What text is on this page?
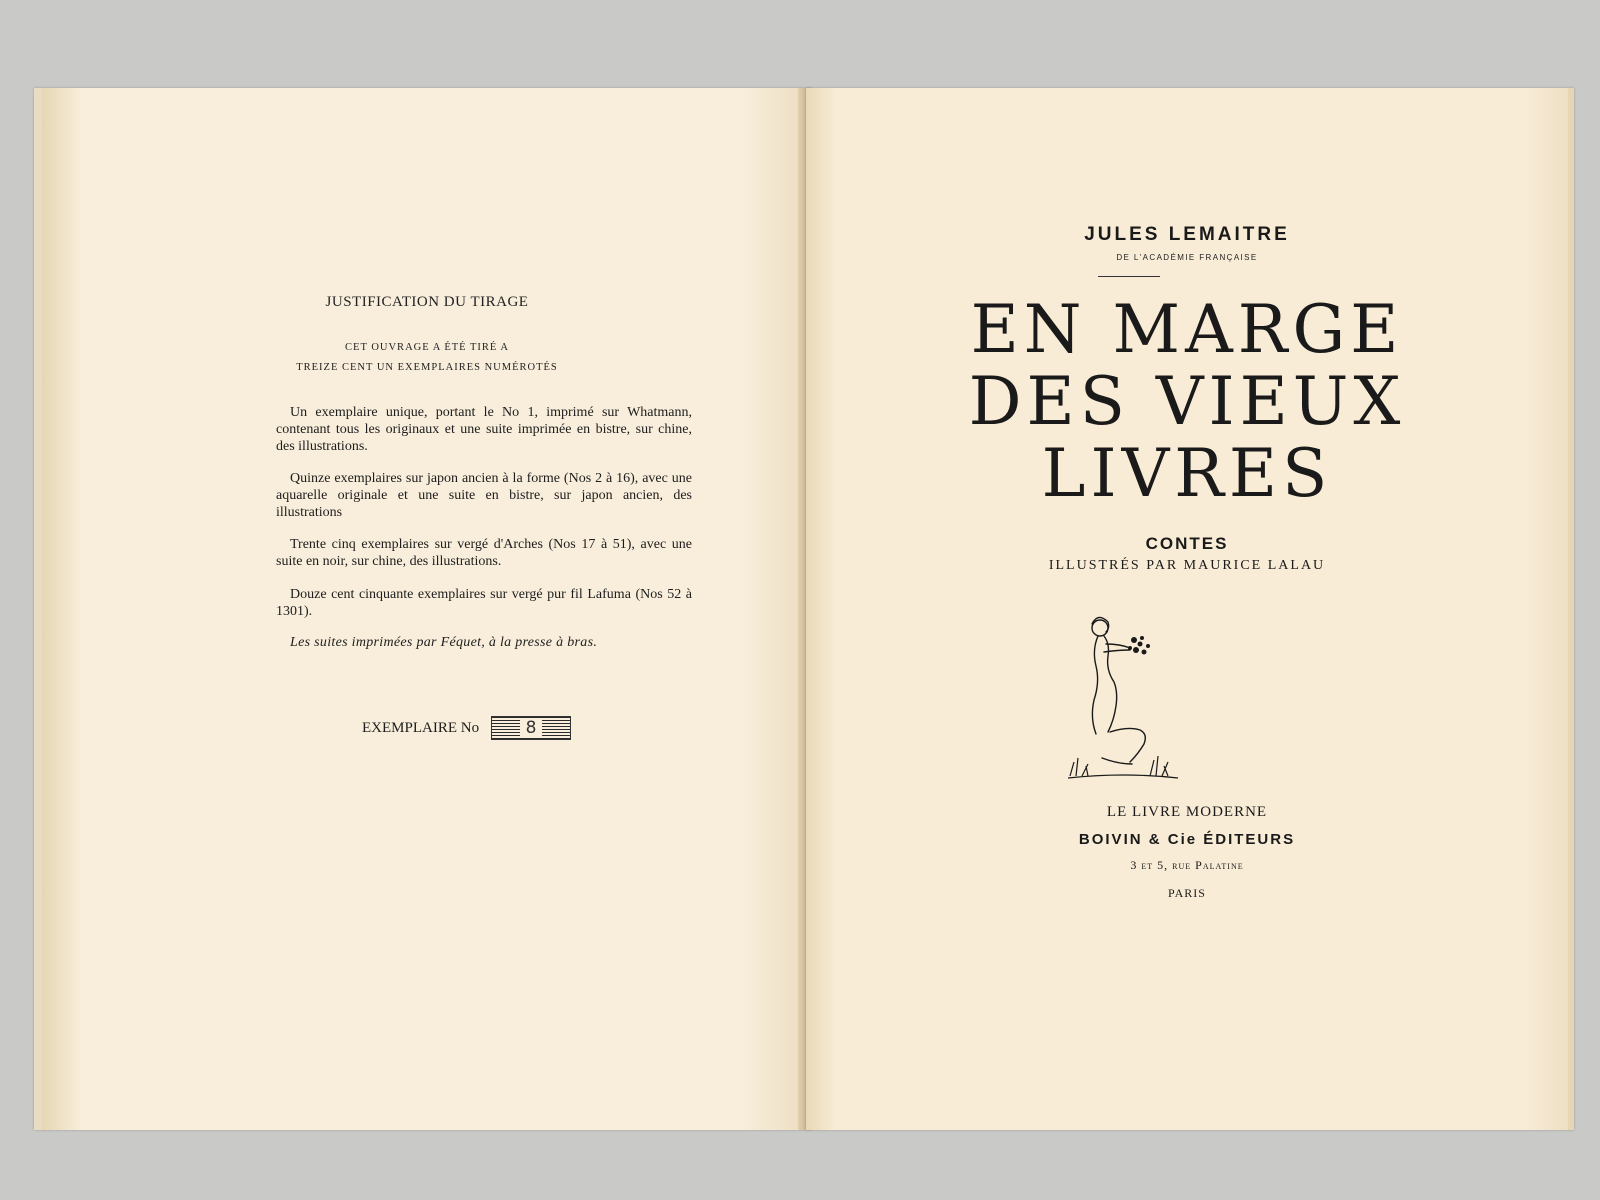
JUSTIFICATION DU TIRAGE
CET OUVRAGE A ÉTÉ TIRÉ A
TREIZE CENT UN EXEMPLAIRES NUMÉROTÉS
Un exemplaire unique, portant le No 1, imprimé sur Whatmann, contenant tous les originaux et une suite imprimée en bistre, sur chine, des illustrations.
Quinze exemplaires sur japon ancien à la forme (Nos 2 à 16), avec une aquarelle originale et une suite en bistre, sur japon ancien, des illustrations
Trente cinq exemplaires sur vergé d'Arches (Nos 17 à 51), avec une suite en noir, sur chine, des illustrations.
Douze cent cinquante exemplaires sur vergé pur fil Lafuma (Nos 52 à 1301).
Les suites imprimées par Féquet, à la presse à bras.
EXEMPLAIRE No	8
JULES LEMAITRE
DE L'ACADÉMIE FRANÇAISE
EN MARGE
DES VIEUX
LIVRES
CONTES
ILLUSTRÉS PAR MAURICE LALAU
LE LIVRE MODERNE
BOIVIN & Cie ÉDITEURS
3 et 5, rue Palatine
PARIS
